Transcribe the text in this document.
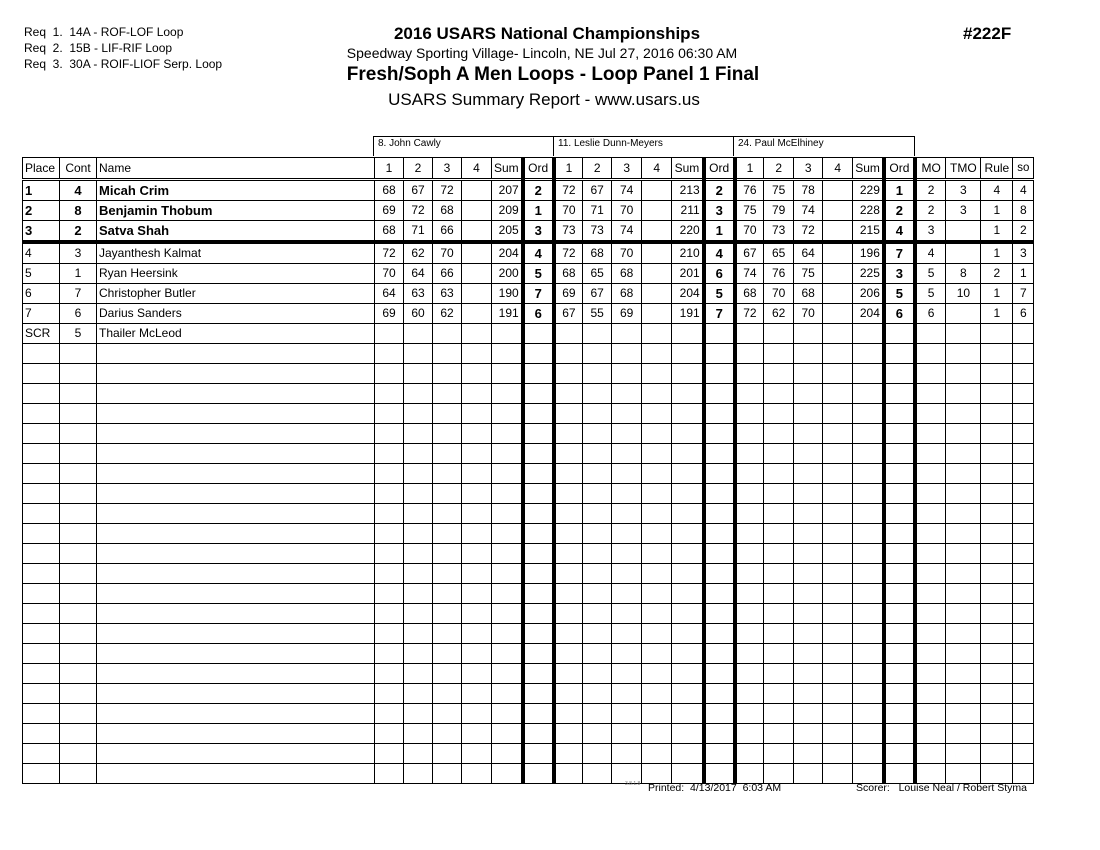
Req  1.  14A - ROF-LOF Loop
Req  2.  15B - LIF-RIF Loop
Req  3.  30A - ROIF-LIOF Serp. Loop
2016 USARS National Championships
Speedway Sporting Village- Lincoln, NE Jul 27, 2016 06:30 AM
Fresh/Soph A Men Loops - Loop Panel 1 Final
USARS Summary Report - www.usars.us
#222F
8. John Cawly	11. Leslie Dunn-Meyers	24. Paul McElhiney
Place	Cont	Name	1	2	3	4	Sum	Ord	1	2	3	4	Sum	Ord	1	2	3	4	Sum	Ord	MO	TMO	Rule	so
1	4	Micah Crim	68	67	72		207	2	72	67	74		213	2	76	75	78		229	1	2	3	4	4
2	8	Benjamin Thobum	69	72	68		209	1	70	71	70		211	3	75	79	74		228	2	2	3	1	8
3	2	Satva Shah	68	71	66		205	3	73	73	74		220	1	70	73	72		215	4	3		1	2
4	3	Jayanthesh Kalmat	72	62	70		204	4	72	68	70		210	4	67	65	64		196	7	4		1	3
5	1	Ryan Heersink	70	64	66		200	5	68	65	68		201	6	74	76	75		225	3	5	8	2	1
6	7	Christopher Butler	64	63	63		190	7	69	67	68		204	5	68	70	68		206	5	5	10	1	7
7	6	Darius Sanders	69	60	62		191	6	67	55	69		191	7	72	62	70		204	6	6		1	6
SCR	5	Thailer McLeod																						

3.8.1.8 Printed:  4/13/2017  6:03 AM	Scorer:   Louise Neal / Robert Styma
